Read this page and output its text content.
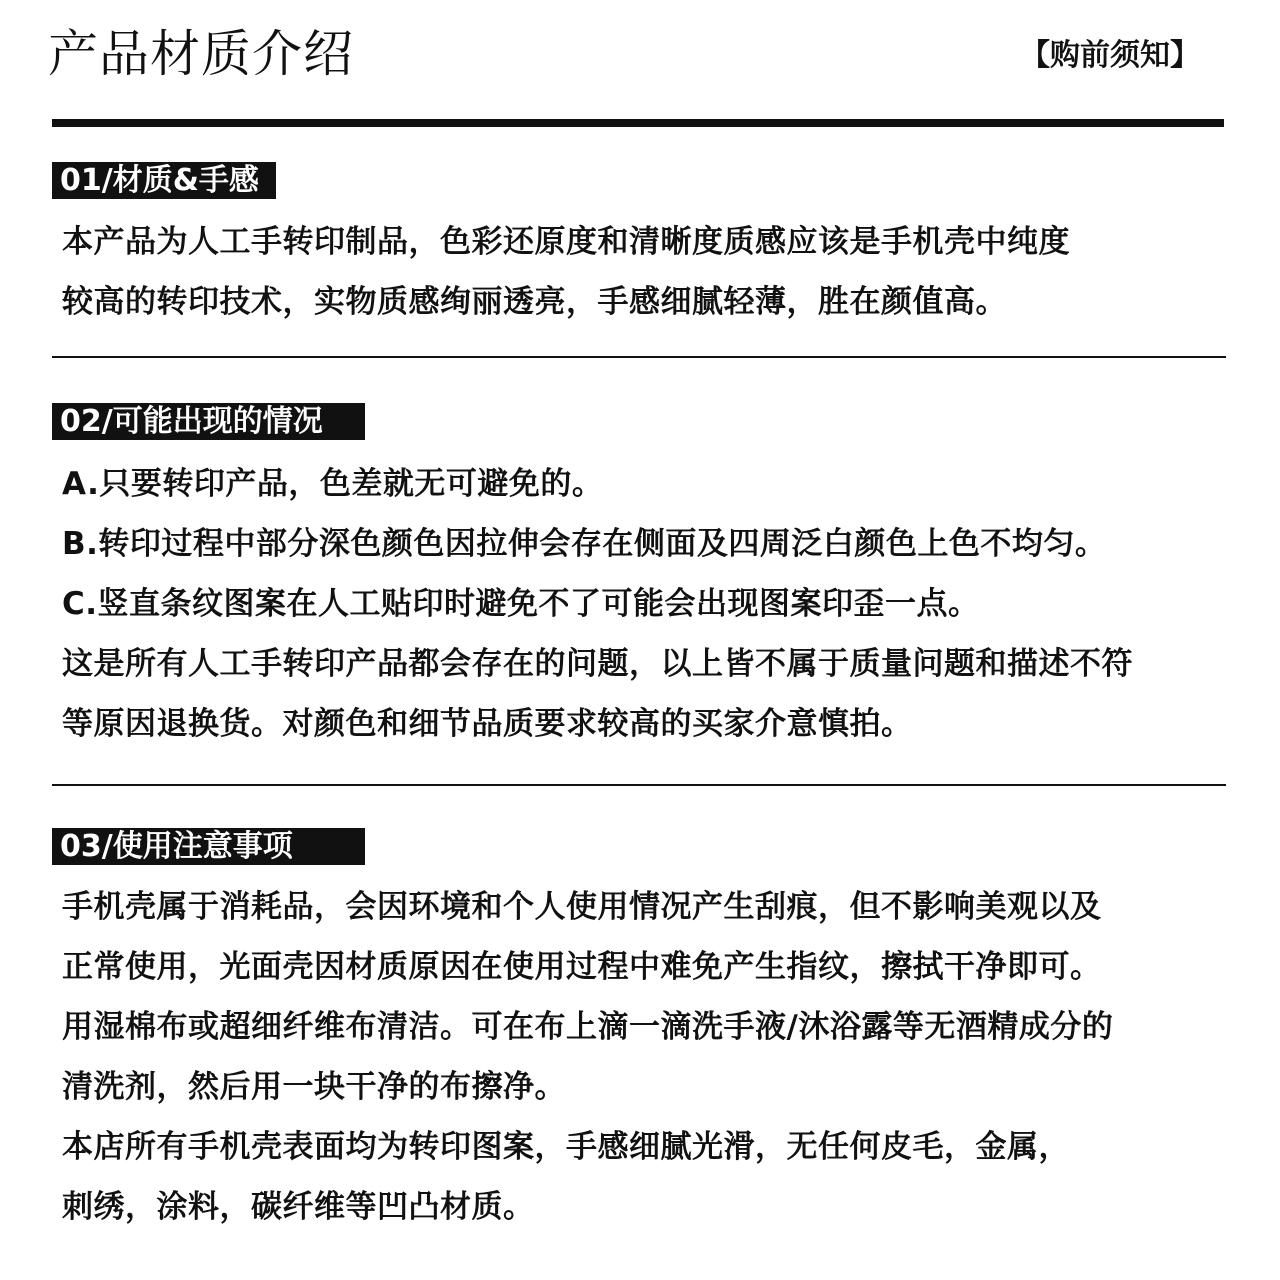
产品材质介绍	【购前须知】
01/材质&手感
本产品为人工手转印制品，色彩还原度和清晰度质感应该是手机壳中纯度
较高的转印技术，实物质感绚丽透亮，手感细腻轻薄，胜在颜值高。
02/可能出现的情况
A.只要转印产品，色差就无可避免的。
B.转印过程中部分深色颜色因拉伸会存在侧面及四周泛白颜色上色不均匀。
C.竖直条纹图案在人工贴印时避免不了可能会出现图案印歪一点。
这是所有人工手转印产品都会存在的问题，以上皆不属于质量问题和描述不符
等原因退换货。对颜色和细节品质要求较高的买家介意慎拍。
03/使用注意事项
手机壳属于消耗品，会因环境和个人使用情况产生刮痕，但不影响美观以及
正常使用，光面壳因材质原因在使用过程中难免产生指纹，擦拭干净即可。
用湿棉布或超细纤维布清洁。可在布上滴一滴洗手液/沐浴露等无酒精成分的
清洗剂，然后用一块干净的布擦净。
本店所有手机壳表面均为转印图案，手感细腻光滑，无任何皮毛，金属，
刺绣，涂料，碳纤维等凹凸材质。
